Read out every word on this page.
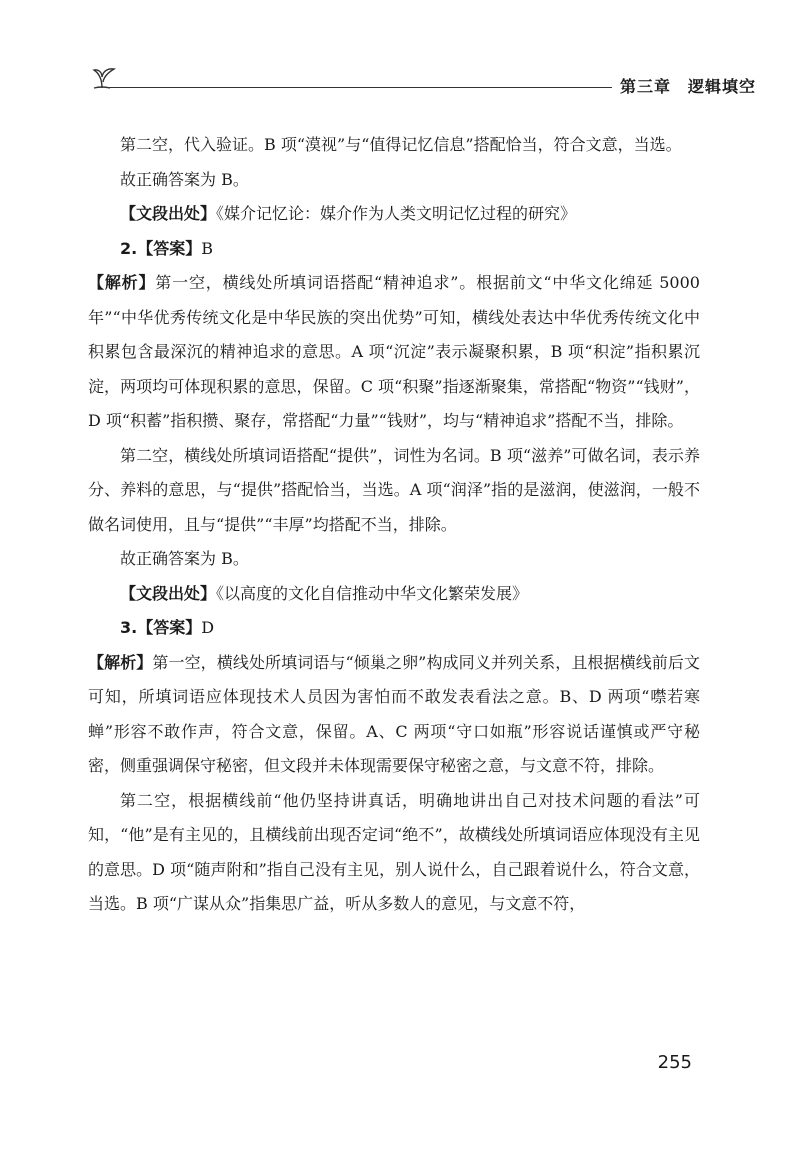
第三章　逻辑填空

第二空，代入验证。B 项“漠视”与“值得记忆信息”搭配恰当，符合文意，当选。

故正确答案为 B。

【文段出处】《媒介记忆论：媒介作为人类文明记忆过程的研究》

2.【答案】B

【解析】第一空，横线处所填词语搭配“精神追求”。根据前文“中华文化绵延 5000 年”“中华优秀传统文化是中华民族的突出优势”可知，横线处表达中华优秀传统文化中积累包含最深沉的精神追求的意思。A 项“沉淀”表示凝聚积累，B 项“积淀”指积累沉淀，两项均可体现积累的意思，保留。C 项“积聚”指逐渐聚集，常搭配“物资”“钱财”，D 项“积蓄”指积攒、聚存，常搭配“力量”“钱财”，均与“精神追求”搭配不当，排除。

第二空，横线处所填词语搭配“提供”，词性为名词。B 项“滋养”可做名词，表示养分、养料的意思，与“提供”搭配恰当，当选。A 项“润泽”指的是滋润，使滋润，一般不做名词使用，且与“提供”“丰厚”均搭配不当，排除。

故正确答案为 B。

【文段出处】《以高度的文化自信推动中华文化繁荣发展》

3.【答案】D

【解析】第一空，横线处所填词语与“倾巢之卵”构成同义并列关系，且根据横线前后文可知，所填词语应体现技术人员因为害怕而不敢发表看法之意。B、D 两项“噤若寒蝉”形容不敢作声，符合文意，保留。A、C 两项“守口如瓶”形容说话谨慎或严守秘密，侧重强调保守秘密，但文段并未体现需要保守秘密之意，与文意不符，排除。

第二空，根据横线前“他仍坚持讲真话，明确地讲出自己对技术问题的看法”可知，“他”是有主见的，且横线前出现否定词“绝不”，故横线处所填词语应体现没有主见的意思。D 项“随声附和”指自己没有主见，别人说什么，自己跟着说什么，符合文意，当选。B 项“广谋从众”指集思广益，听从多数人的意见，与文意不符，

255
